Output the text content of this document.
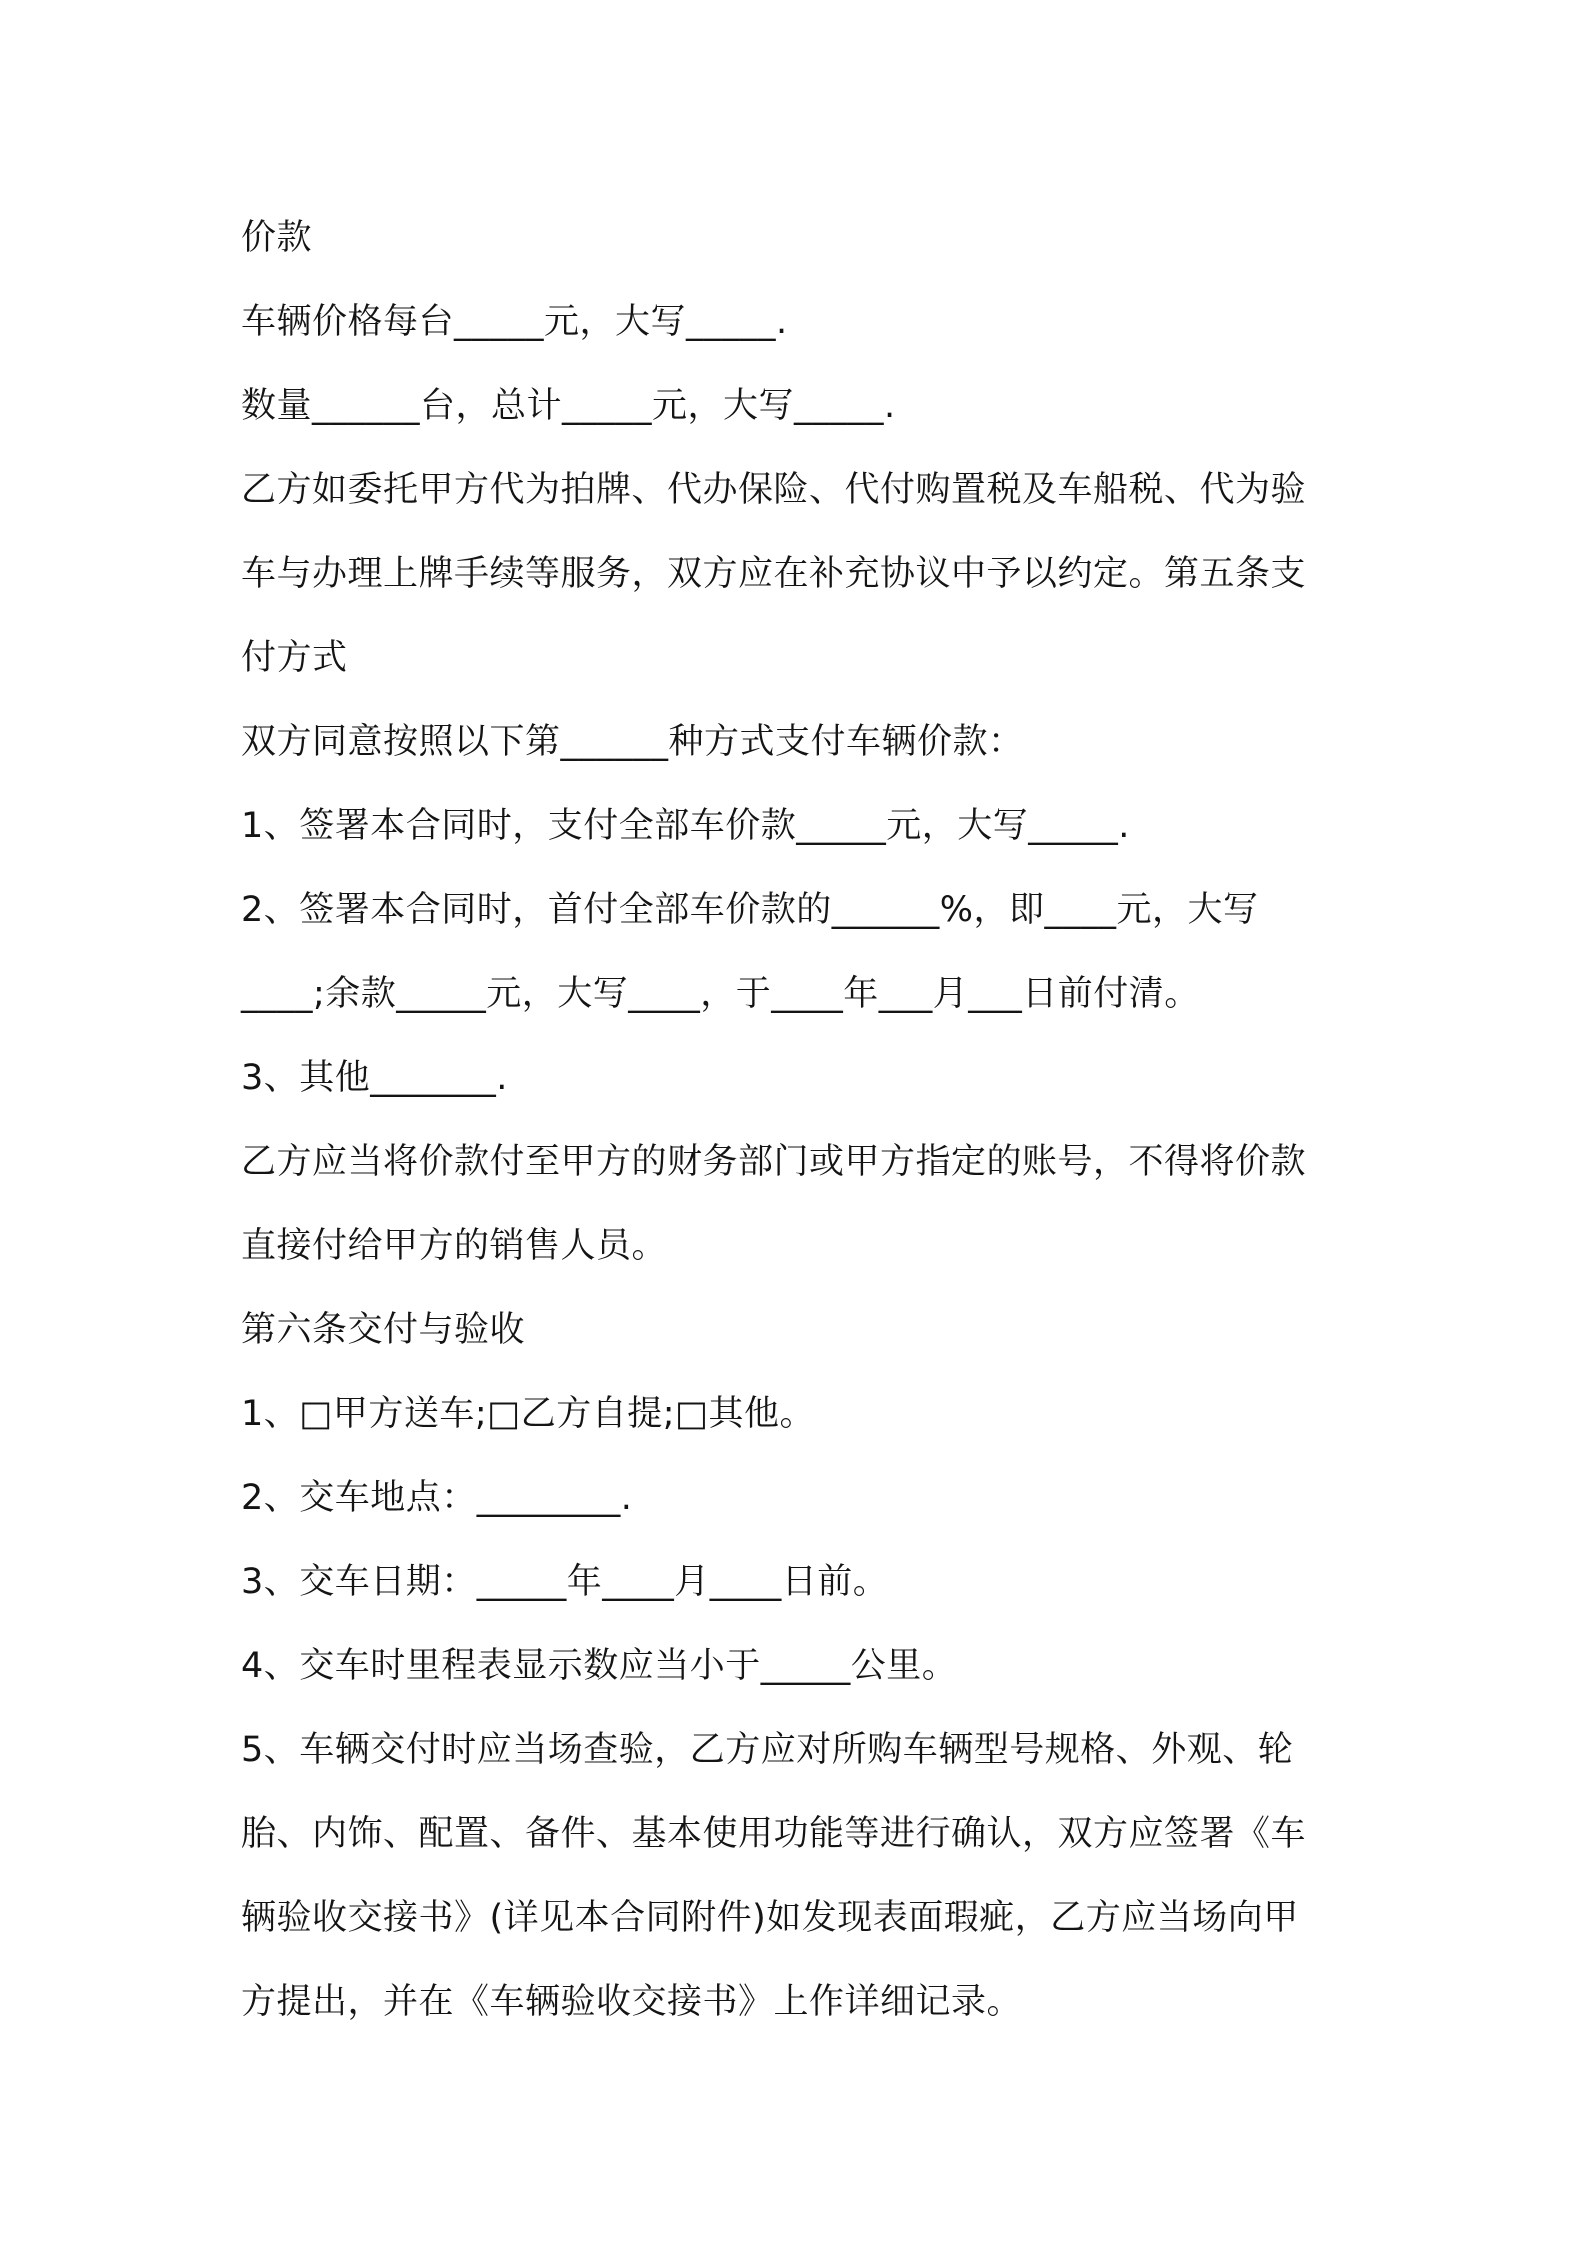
价款
车辆价格每台_____元，大写_____.
数量______台，总计_____元，大写_____.
乙方如委托甲方代为拍牌、代办保险、代付购置税及车船税、代为验
车与办理上牌手续等服务，双方应在补充协议中予以约定。第五条支
付方式
双方同意按照以下第______种方式支付车辆价款：
1、签署本合同时，支付全部车价款_____元，大写_____.
2、签署本合同时，首付全部车价款的______%，即____元，大写
____;余款_____元，大写____，于____年___月___日前付清。
3、其他_______.
乙方应当将价款付至甲方的财务部门或甲方指定的账号，不得将价款
直接付给甲方的销售人员。
第六条交付与验收
1、□甲方送车;□乙方自提;□其他。
2、交车地点：________.
3、交车日期：_____年____月____日前。
4、交车时里程表显示数应当小于_____公里。
5、车辆交付时应当场查验，乙方应对所购车辆型号规格、外观、轮
胎、内饰、配置、备件、基本使用功能等进行确认，双方应签署《车
辆验收交接书》(详见本合同附件)如发现表面瑕疵，乙方应当场向甲
方提出，并在《车辆验收交接书》上作详细记录。
